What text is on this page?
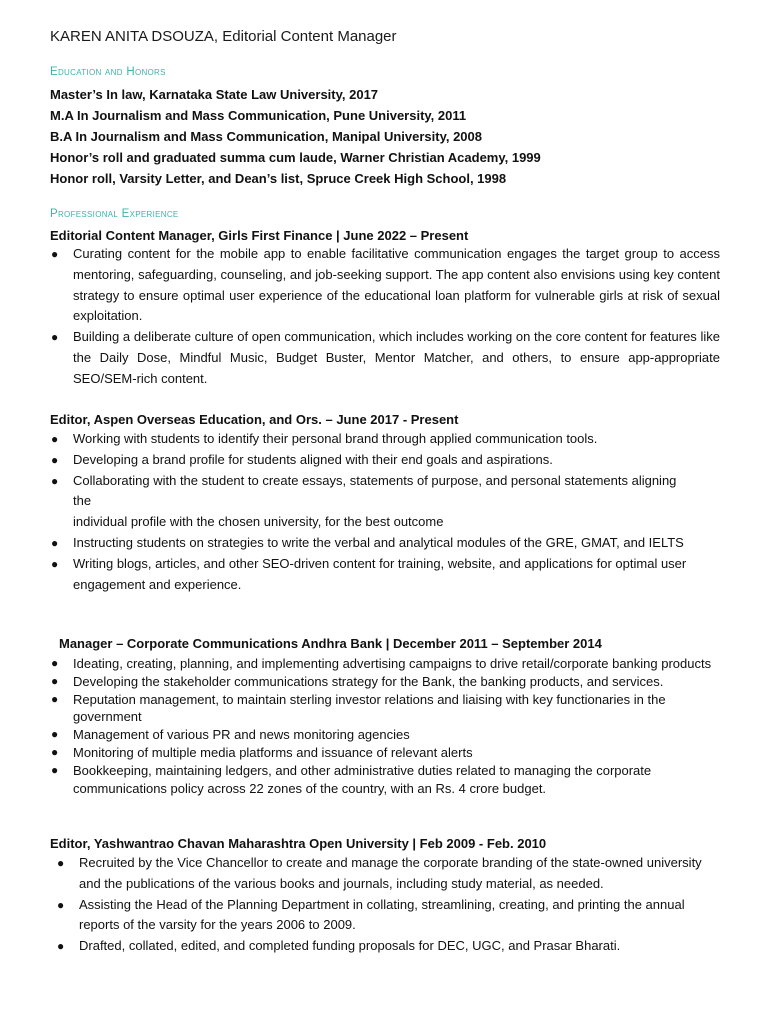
KAREN ANITA DSOUZA, Editorial Content Manager
Education and Honors

Master’s In law, Karnataka State Law University, 2017

M.A In Journalism and Mass Communication, Pune University, 2011

B.A In Journalism and Mass Communication, Manipal University, 2008

Honor’s roll and graduated summa cum laude, Warner Christian Academy, 1999

Honor roll, Varsity Letter, and Dean’s list, Spruce Creek High School, 1998

Professional Experience

Editorial Content Manager, Girls First Finance | June 2022 – Present

● Curating content for the mobile app to enable facilitative communication engages the target group to access mentoring, safeguarding, counseling, and job-seeking support. The app content also envisions using key content strategy to ensure optimal user experience of the educational loan platform for vulnerable girls at risk of sexual exploitation.
● Building a deliberate culture of open communication, which includes working on the core content for features like the Daily Dose, Mindful Music, Budget Buster, Mentor Matcher, and others, to ensure app-appropriate SEO/SEM-rich content.

Editor, Aspen Overseas Education, and Ors. – June 2017 - Present

● Working with students to identify their personal brand through applied communication tools.
● Developing a brand profile for students aligned with their end goals and aspirations.
● Collaborating with the student to create essays, statements of purpose, and personal statements aligning the
individual profile with the chosen university, for the best outcome
● Instructing students on strategies to write the verbal and analytical modules of the GRE, GMAT, and IELTS
● Writing blogs, articles, and other SEO-driven content for training, website, and applications for optimal user engagement and experience.

Manager – Corporate Communications Andhra Bank | December 2011 – September 2014

● Ideating, creating, planning, and implementing advertising campaigns to drive retail/corporate banking products
● Developing the stakeholder communications strategy for the Bank, the banking products, and services.
● Reputation management, to maintain sterling investor relations and liaising with key functionaries in the government
● Management of various PR and news monitoring agencies
● Monitoring of multiple media platforms and issuance of relevant alerts
● Bookkeeping, maintaining ledgers, and other administrative duties related to managing the corporate communications policy across 22 zones of the country, with an Rs. 4 crore budget.

Editor, Yashwantrao Chavan Maharashtra Open University | Feb 2009 - Feb. 2010

● Recruited by the Vice Chancellor to create and manage the corporate branding of the state-owned university and the publications of the various books and journals, including study material, as needed.
● Assisting the Head of the Planning Department in collating, streamlining, creating, and printing the annual reports of the varsity for the years 2006 to 2009.
● Drafted, collated, edited, and completed funding proposals for DEC, UGC, and Prasar Bharati.
